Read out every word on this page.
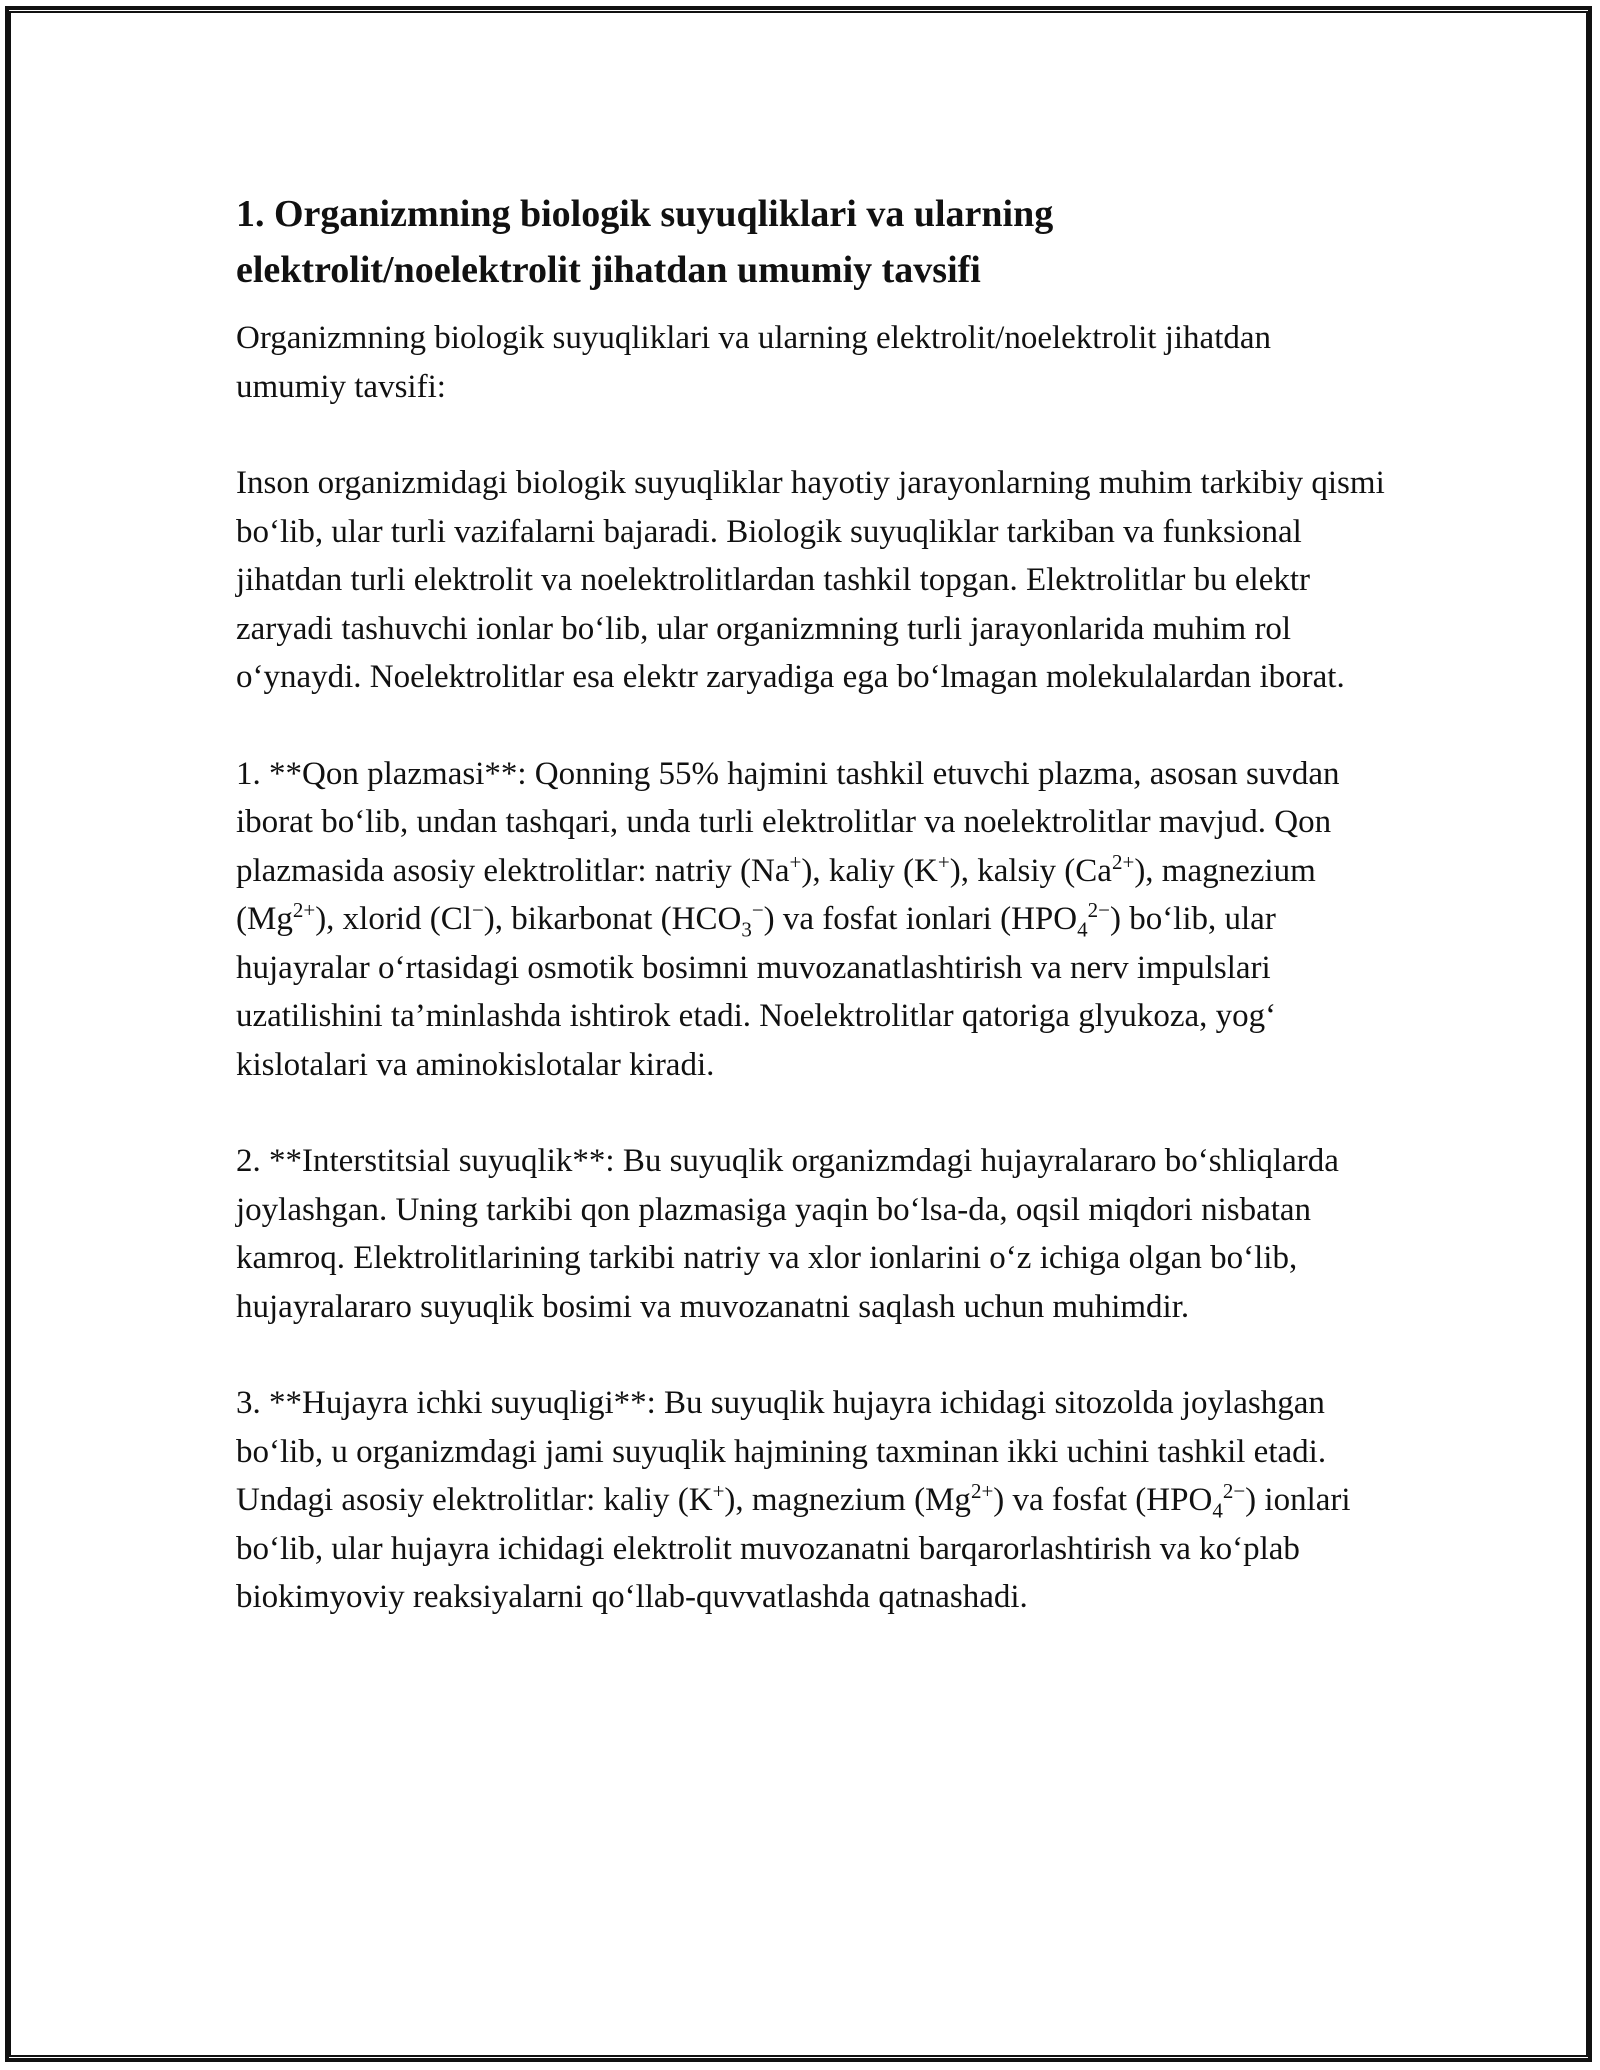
1. Organizmning biologik suyuqliklari va ularning elektrolit/noelektrolit jihatdan umumiy tavsifi

Organizmning biologik suyuqliklari va ularning elektrolit/noelektrolit jihatdan umumiy tavsifi:

Inson organizmidagi biologik suyuqliklar hayotiy jarayonlarning muhim tarkibiy qismi bo‘lib, ular turli vazifalarni bajaradi. Biologik suyuqliklar tarkiban va funksional jihatdan turli elektrolit va noelektrolitlardan tashkil topgan. Elektrolitlar bu elektr zaryadi tashuvchi ionlar bo‘lib, ular organizmning turli jarayonlarida muhim rol o‘ynaydi. Noelektrolitlar esa elektr zaryadiga ega bo‘lmagan molekulalardan iborat.

1. **Qon plazmasi**: Qonning 55% hajmini tashkil etuvchi plazma, asosan suvdan iborat bo‘lib, undan tashqari, unda turli elektrolitlar va noelektrolitlar mavjud. Qon plazmasida asosiy elektrolitlar: natriy (Na+), kaliy (K+), kalsiy $(Ca^{2+})$, magnezium $(Mg^{2+})$, xlorid (Cl−), bikarbonat $(HCO_3^-)$ va fosfat ionlari $(HPO_4^{2-})$ bo‘lib, ular hujayralar o‘rtasidagi osmotik bosimni muvozanatlashtirish va nerv impulslari uzatilishini ta’minlashda ishtirok etadi. Noelektrolitlar qatoriga glyukoza, yog‘ kislotalari va aminokislotalar kiradi.

2. **Interstitsial suyuqlik**: Bu suyuqlik organizmdagi hujayralararo bo‘shliqlarda joylashgan. Uning tarkibi qon plazmasiga yaqin bo‘lsa-da, oqsil miqdori nisbatan kamroq. Elektrolitlarining tarkibi natriy va xlor ionlarini o‘z ichiga olgan bo‘lib, hujayralararo suyuqlik bosimi va muvozanatni saqlash uchun muhimdir.

3. **Hujayra ichki suyuqligi**: Bu suyuqlik hujayra ichidagi sitozolda joylashgan bo‘lib, u organizmdagi jami suyuqlik hajmining taxminan ikki uchini tashkil etadi. Undagi asosiy elektrolitlar: kaliy (K+), magnezium $(Mg^{2+})$ va fosfat $(HPO_4^{2-})$ ionlari bo‘lib, ular hujayra ichidagi elektrolit muvozanatni barqarorlashtirish va ko‘plab biokimyoviy reaksiyalarni qo‘llab-quvvatlashda qatnashadi.
